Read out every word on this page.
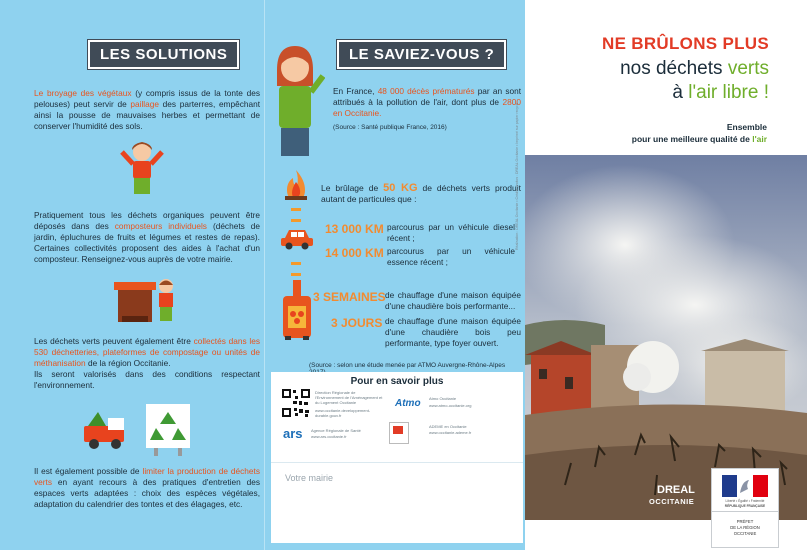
LES SOLUTIONS
Le broyage des végétaux (y compris issus de la tonte des pelouses) peut servir de paillage des parterres, empêchant ainsi la pousse de mauvaises herbes et permettant de conserver l'humidité des sols.
Pratiquement tous les déchets organiques peuvent être déposés dans des composteurs individuels (déchets de jardin, épluchures de fruits et légumes et restes de repas). Certaines collectivités proposent des aides à l'achat d'un composteur. Renseignez-vous auprès de votre mairie.
Les déchets verts peuvent également être collectés dans les 530 déchetteries, plateformes de compostage ou unités de méthanisation de la région Occitanie.
Ils seront valorisés dans des conditions respectant l'environnement.
Il est également possible de limiter la production de déchets verts en ayant recours à des pratiques d'entretien des espaces verts adaptées : choix des espèces végétales, adaptation du calendrier des tontes et des élagages, etc.
LE SAVIEZ-VOUS ?
En France, 48 000 décès prématurés par an sont attribués à la pollution de l'air, dont plus de 2800 en Occitanie.
(Source : Santé publique France, 2016)
Le brûlage de 50 KG de déchets verts produit autant de particules que :
13 000 KM parcourus par un véhicule diesel récent ;
14 000 KM parcourus par un véhicule essence récent ;
3 SEMAINES de chauffage d'une maison équipée d'une chaudière bois performante...
3 JOURS de chauffage d'une maison équipée d'une chaudière bois peu performante, type foyer ouvert.
(Source : selon une étude menée par ATMO Auvergne-Rhône-Alpes
Pour en savoir plus
Direction Régionale de l'Environnement de l'Aménagement et du Logement Occitanie
www.occitanie.developpement-durable.gouv.fr
Atmo Atmo Occitanie
www.atmo-occitanie.org
ars Agence Régionale de Santé
www.ars.occitanie.fr
ADEME en Occitanie
www.occitanie.ademe.fr
Votre mairie
NE BRÛLONS PLUS
nos déchets verts
à l'air libre !
Ensemble
pour une meilleure qualité de l'air
Réalisation : DREAL Occitanie • Crédits photos : DREAL Occitanie • Imprimé sur papier recyclé
DREAL
OCCITANIE	Liberté • Égalité • Fraternité
RÉPUBLIQUE FRANÇAISE
PRÉFET
DE LA RÉGION
OCCITANIE
